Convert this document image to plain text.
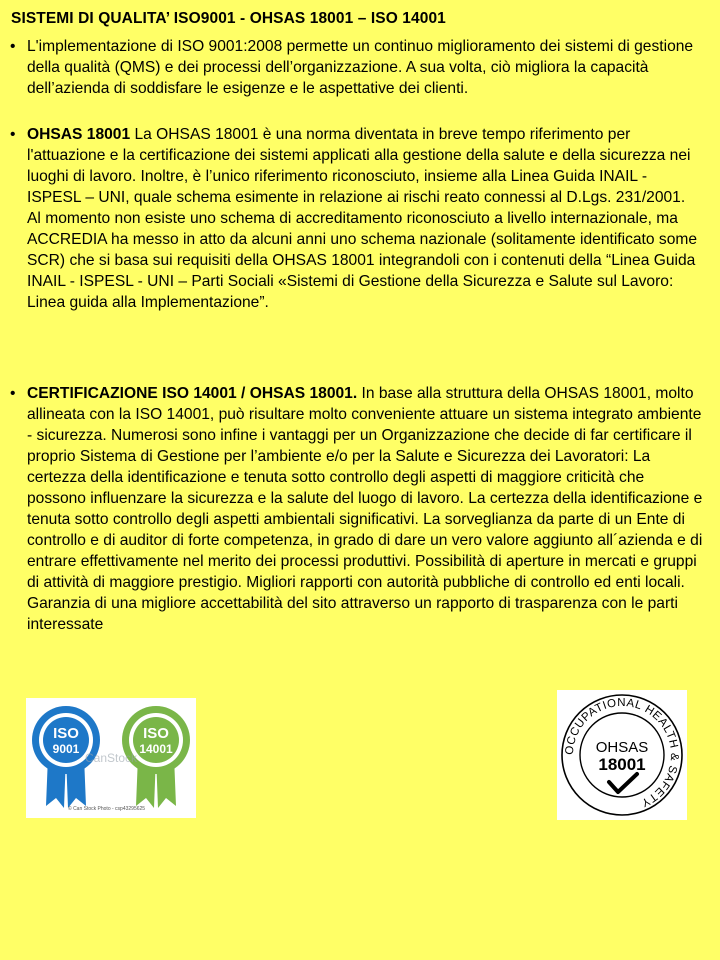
SISTEMI DI QUALITA’ ISO9001 - OHSAS 18001 – ISO 14001
• L'implementazione di ISO 9001:2008 permette un continuo miglioramento dei sistemi di gestione della qualità (QMS) e dei processi dell’organizzazione. A sua volta, ciò migliora la capacità dell’azienda di soddisfare le esigenze e le aspettative dei clienti.
• OHSAS 18001 La OHSAS 18001 è una norma diventata in breve tempo riferimento per l'attuazione e la certificazione dei sistemi applicati alla gestione della salute e della sicurezza nei luoghi di lavoro. Inoltre, è l’unico riferimento riconosciuto, insieme alla Linea Guida INAIL - ISPESL – UNI, quale schema esimente in relazione ai rischi reato connessi al D.Lgs. 231/2001.
Al momento non esiste uno schema di accreditamento riconosciuto a livello internazionale, ma ACCREDIA ha messo in atto da alcuni anni uno schema nazionale (solitamente identificato some SCR) che si basa sui requisiti della OHSAS 18001 integrandoli con i contenuti della “Linea Guida INAIL - ISPESL - UNI – Parti Sociali «Sistemi di Gestione della Sicurezza e Salute sul Lavoro: Linea guida alla Implementazione”.
• CERTIFICAZIONE ISO 14001 / OHSAS 18001. In base alla struttura della OHSAS 18001, molto allineata con la ISO 14001, può risultare molto conveniente attuare un sistema integrato ambiente - sicurezza. Numerosi sono infine i vantaggi per un Organizzazione che decide di far certificare il proprio Sistema di Gestione per l’ambiente e/o per la Salute e Sicurezza dei Lavoratori: La certezza della identificazione e tenuta sotto controllo degli aspetti di maggiore criticità che possono influenzare la sicurezza e la salute del luogo di lavoro. La certezza della identificazione e tenuta sotto controllo degli aspetti ambientali significativi. La sorveglianza da parte di un Ente di controllo e di auditor di forte competenza, in grado di dare un vero valore aggiunto all´azienda e di entrare effettivamente nel merito dei processi produttivi. Possibilità di aperture in mercati e gruppi di attività di maggiore prestigio. Migliori rapporti con autorità pubbliche di controllo ed enti locali. Garanzia di una migliore accettabilità del sito attraverso un rapporto di trasparenza con le parti interessate
ISO
9001
ISO
14001
CanStock
© Can Stock Photo - csp43295625
OCCUPATIONAL HEALTH & SAFETY
OHSAS
18001
